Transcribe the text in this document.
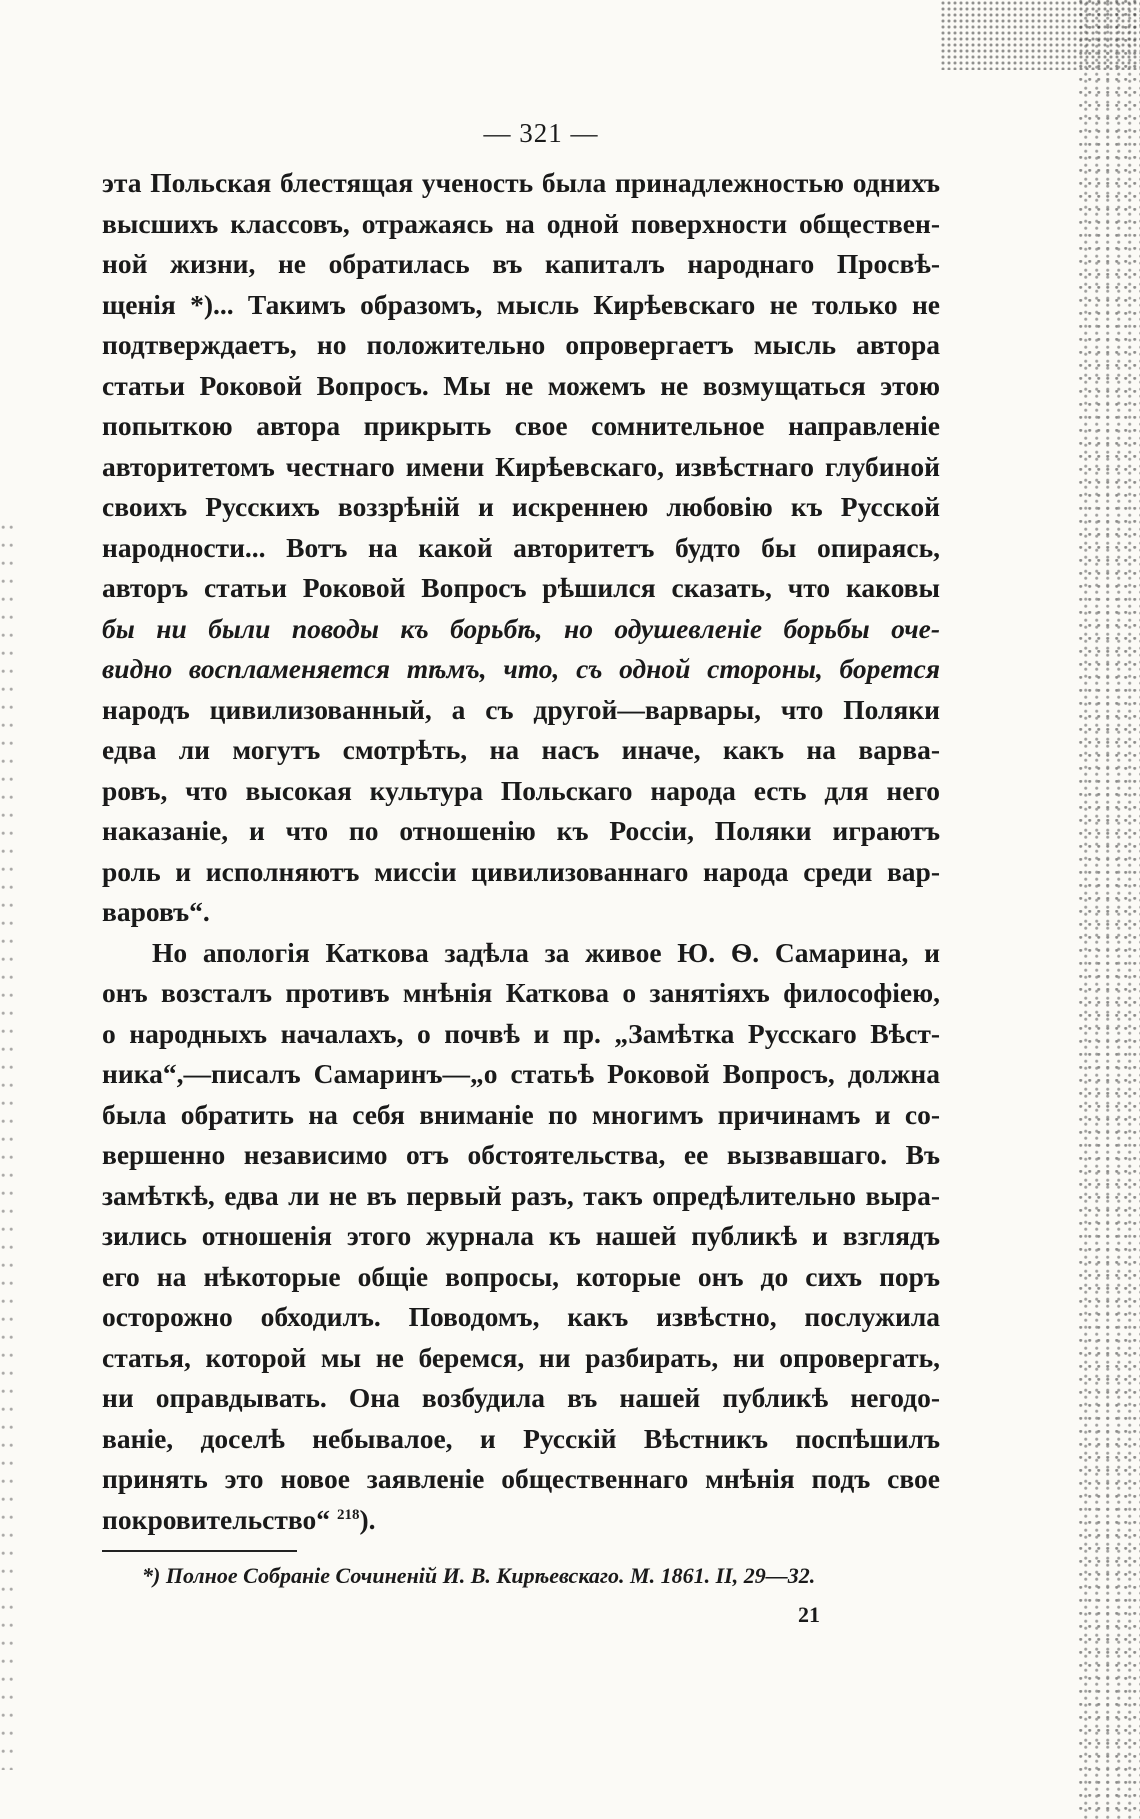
— 321 —
эта Польская блестящая ученость была принадлежностью однихъ
высшихъ классовъ, отражаясь на одной поверхности обществен-
ной жизни, не обратилась въ капиталъ народнаго Просвѣ-
щенія *)... Такимъ образомъ, мысль Кирѣевскаго не только не
подтверждаетъ, но положительно опровергаетъ мысль автора
статьи Роковой Вопросъ. Мы не можемъ не возмущаться этою
попыткою автора прикрыть свое сомнительное направленіе
авторитетомъ честнаго имени Кирѣевскаго, извѣстнаго глубиной
своихъ Русскихъ воззрѣній и искреннею любовію къ Русской
народности... Вотъ на какой авторитетъ будто бы опираясь,
авторъ статьи Роковой Вопросъ рѣшился сказать, что каковы
бы ни были поводы къ борьбѣ, но одушевленіе борьбы оче-
видно воспламеняется тѣмъ, что, съ одной стороны, борется
народъ цивилизованный, а съ другой—варвары, что Поляки
едва ли могутъ смотрѣть, на насъ иначе, какъ на варва-
ровъ, что высокая культура Польскаго народа есть для него
наказаніе, и что по отношенію къ Россіи, Поляки играютъ
роль и исполняютъ миссіи цивилизованнаго народа среди вар-
варовъ“.
Но апологія Каткова задѣла за живое Ю. Ѳ. Самарина, и
онъ возсталъ противъ мнѣнія Каткова о занятіяхъ философіею,
о народныхъ началахъ, о почвѣ и пр. „Замѣтка Русскаго Вѣст-
ника“,—писалъ Самаринъ—„о статьѣ Роковой Вопросъ, должна
была обратить на себя вниманіе по многимъ причинамъ и со-
вершенно независимо отъ обстоятельства, ее вызвавшаго. Въ
замѣткѣ, едва ли не въ первый разъ, такъ опредѣлительно выра-
зились отношенія этого журнала къ нашей публикѣ и взглядъ
его на нѣкоторые общіе вопросы, которые онъ до сихъ поръ
осторожно обходилъ. Поводомъ, какъ извѣстно, послужила
статья, которой мы не беремся, ни разбирать, ни опровергать,
ни оправдывать. Она возбудила въ нашей публикѣ негодо-
ваніе, доселѣ небывалое, и Русскій Вѣстникъ поспѣшилъ
принять это новое заявленіе общественнаго мнѣнія подъ свое
покровительство“ $^{218}$).
*) Полное Собраніе Сочиненій И. В. Кирѣевскаго. М. 1861. II, 29—32.
21
